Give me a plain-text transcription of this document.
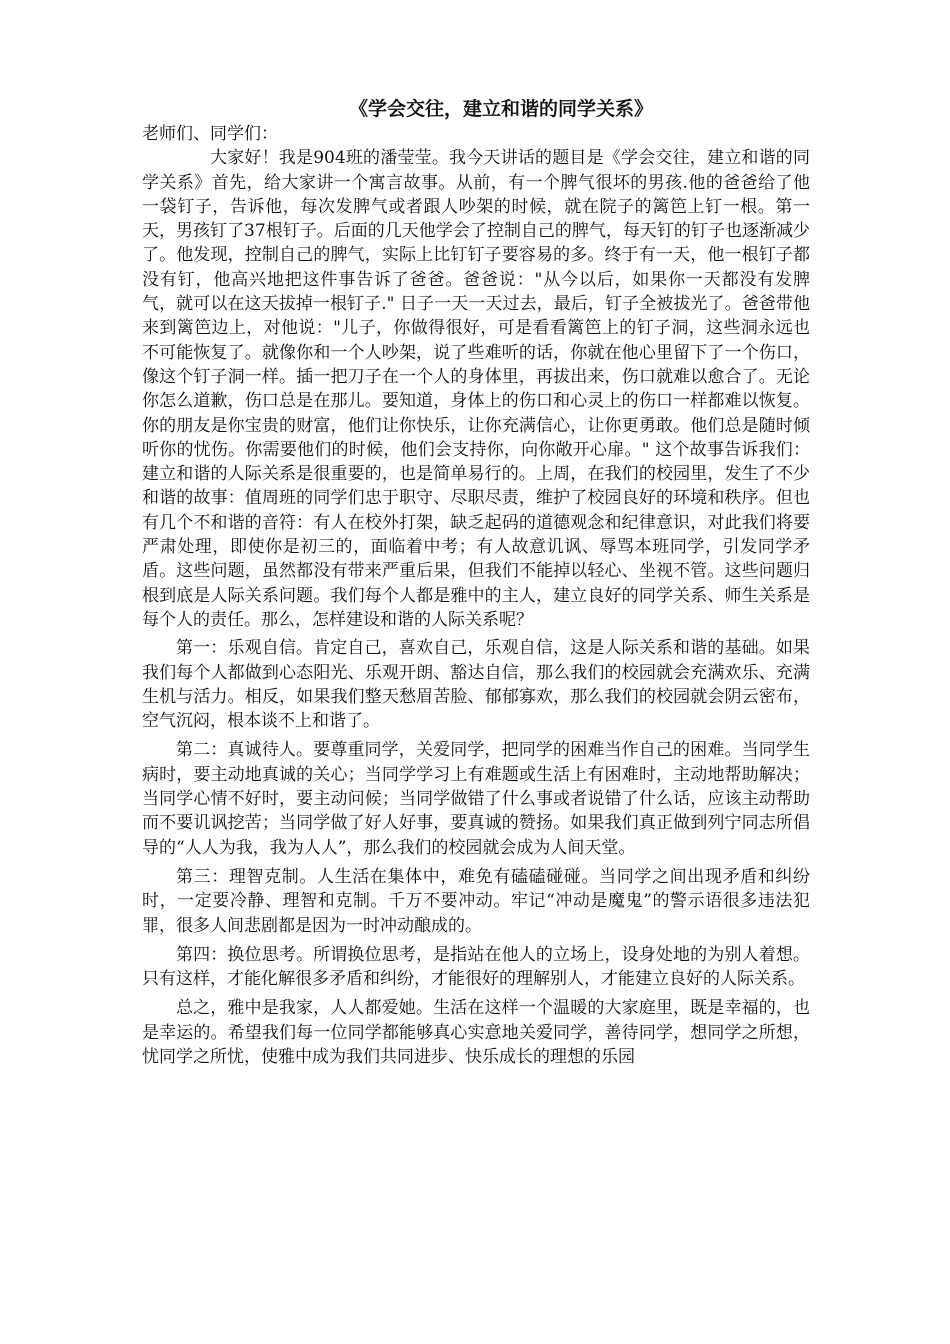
《学会交往，建立和谐的同学关系》

老师们、同学们：

大家好！我是904班的潘莹莹。我今天讲话的题目是《学会交往，建立和谐的同学关系》首先，给大家讲一个寓言故事。从前，有一个脾气很坏的男孩.他的爸爸给了他一袋钉子，告诉他，每次发脾气或者跟人吵架的时候，就在院子的篱笆上钉一根。第一天，男孩钉了37根钉子。后面的几天他学会了控制自己的脾气，每天钉的钉子也逐渐减少了。他发现，控制自己的脾气，实际上比钉钉子要容易的多。终于有一天，他一根钉子都没有钉，他高兴地把这件事告诉了爸爸。爸爸说："从今以后，如果你一天都没有发脾气，就可以在这天拔掉一根钉子." 日子一天一天过去，最后，钉子全被拔光了。爸爸带他来到篱笆边上，对他说："儿子，你做得很好，可是看看篱笆上的钉子洞，这些洞永远也不可能恢复了。就像你和一个人吵架，说了些难听的话，你就在他心里留下了一个伤口，像这个钉子洞一样。插一把刀子在一个人的身体里，再拔出来，伤口就难以愈合了。无论你怎么道歉，伤口总是在那儿。要知道，身体上的伤口和心灵上的伤口一样都难以恢复。你的朋友是你宝贵的财富，他们让你快乐，让你充满信心，让你更勇敢。他们总是随时倾听你的忧伤。你需要他们的时候，他们会支持你，向你敞开心扉。" 这个故事告诉我们：建立和谐的人际关系是很重要的，也是简单易行的。上周，在我们的校园里，发生了不少和谐的故事：值周班的同学们忠于职守、尽职尽责，维护了校园良好的环境和秩序。但也有几个不和谐的音符：有人在校外打架，缺乏起码的道德观念和纪律意识，对此我们将要严肃处理，即使你是初三的，面临着中考；有人故意讥讽、辱骂本班同学，引发同学矛盾。这些问题，虽然都没有带来严重后果，但我们不能掉以轻心、坐视不管。这些问题归根到底是人际关系问题。我们每个人都是雅中的主人，建立良好的同学关系、师生关系是每个人的责任。那么，怎样建设和谐的人际关系呢？

第一：乐观自信。肯定自己，喜欢自己，乐观自信，这是人际关系和谐的基础。如果我们每个人都做到心态阳光、乐观开朗、豁达自信，那么我们的校园就会充满欢乐、充满生机与活力。相反，如果我们整天愁眉苦脸、郁郁寡欢，那么我们的校园就会阴云密布，空气沉闷，根本谈不上和谐了。

第二：真诚待人。要尊重同学，关爱同学，把同学的困难当作自己的困难。当同学生病时，要主动地真诚的关心；当同学学习上有难题或生活上有困难时，主动地帮助解决；当同学心情不好时，要主动问候；当同学做错了什么事或者说错了什么话，应该主动帮助而不要讥讽挖苦；当同学做了好人好事，要真诚的赞扬。如果我们真正做到列宁同志所倡导的“人人为我，我为人人”，那么我们的校园就会成为人间天堂。

第三：理智克制。人生活在集体中，难免有磕磕碰碰。当同学之间出现矛盾和纠纷时，一定要冷静、理智和克制。千万不要冲动。牢记“冲动是魔鬼”的警示语很多违法犯罪，很多人间悲剧都是因为一时冲动酿成的。

第四：换位思考。所谓换位思考，是指站在他人的立场上，设身处地的为别人着想。只有这样，才能化解很多矛盾和纠纷，才能很好的理解别人，才能建立良好的人际关系。

总之，雅中是我家，人人都爱她。生活在这样一个温暖的大家庭里，既是幸福的，也是幸运的。希望我们每一位同学都能够真心实意地关爱同学，善待同学，想同学之所想，忧同学之所忧，使雅中成为我们共同进步、快乐成长的理想的乐园
